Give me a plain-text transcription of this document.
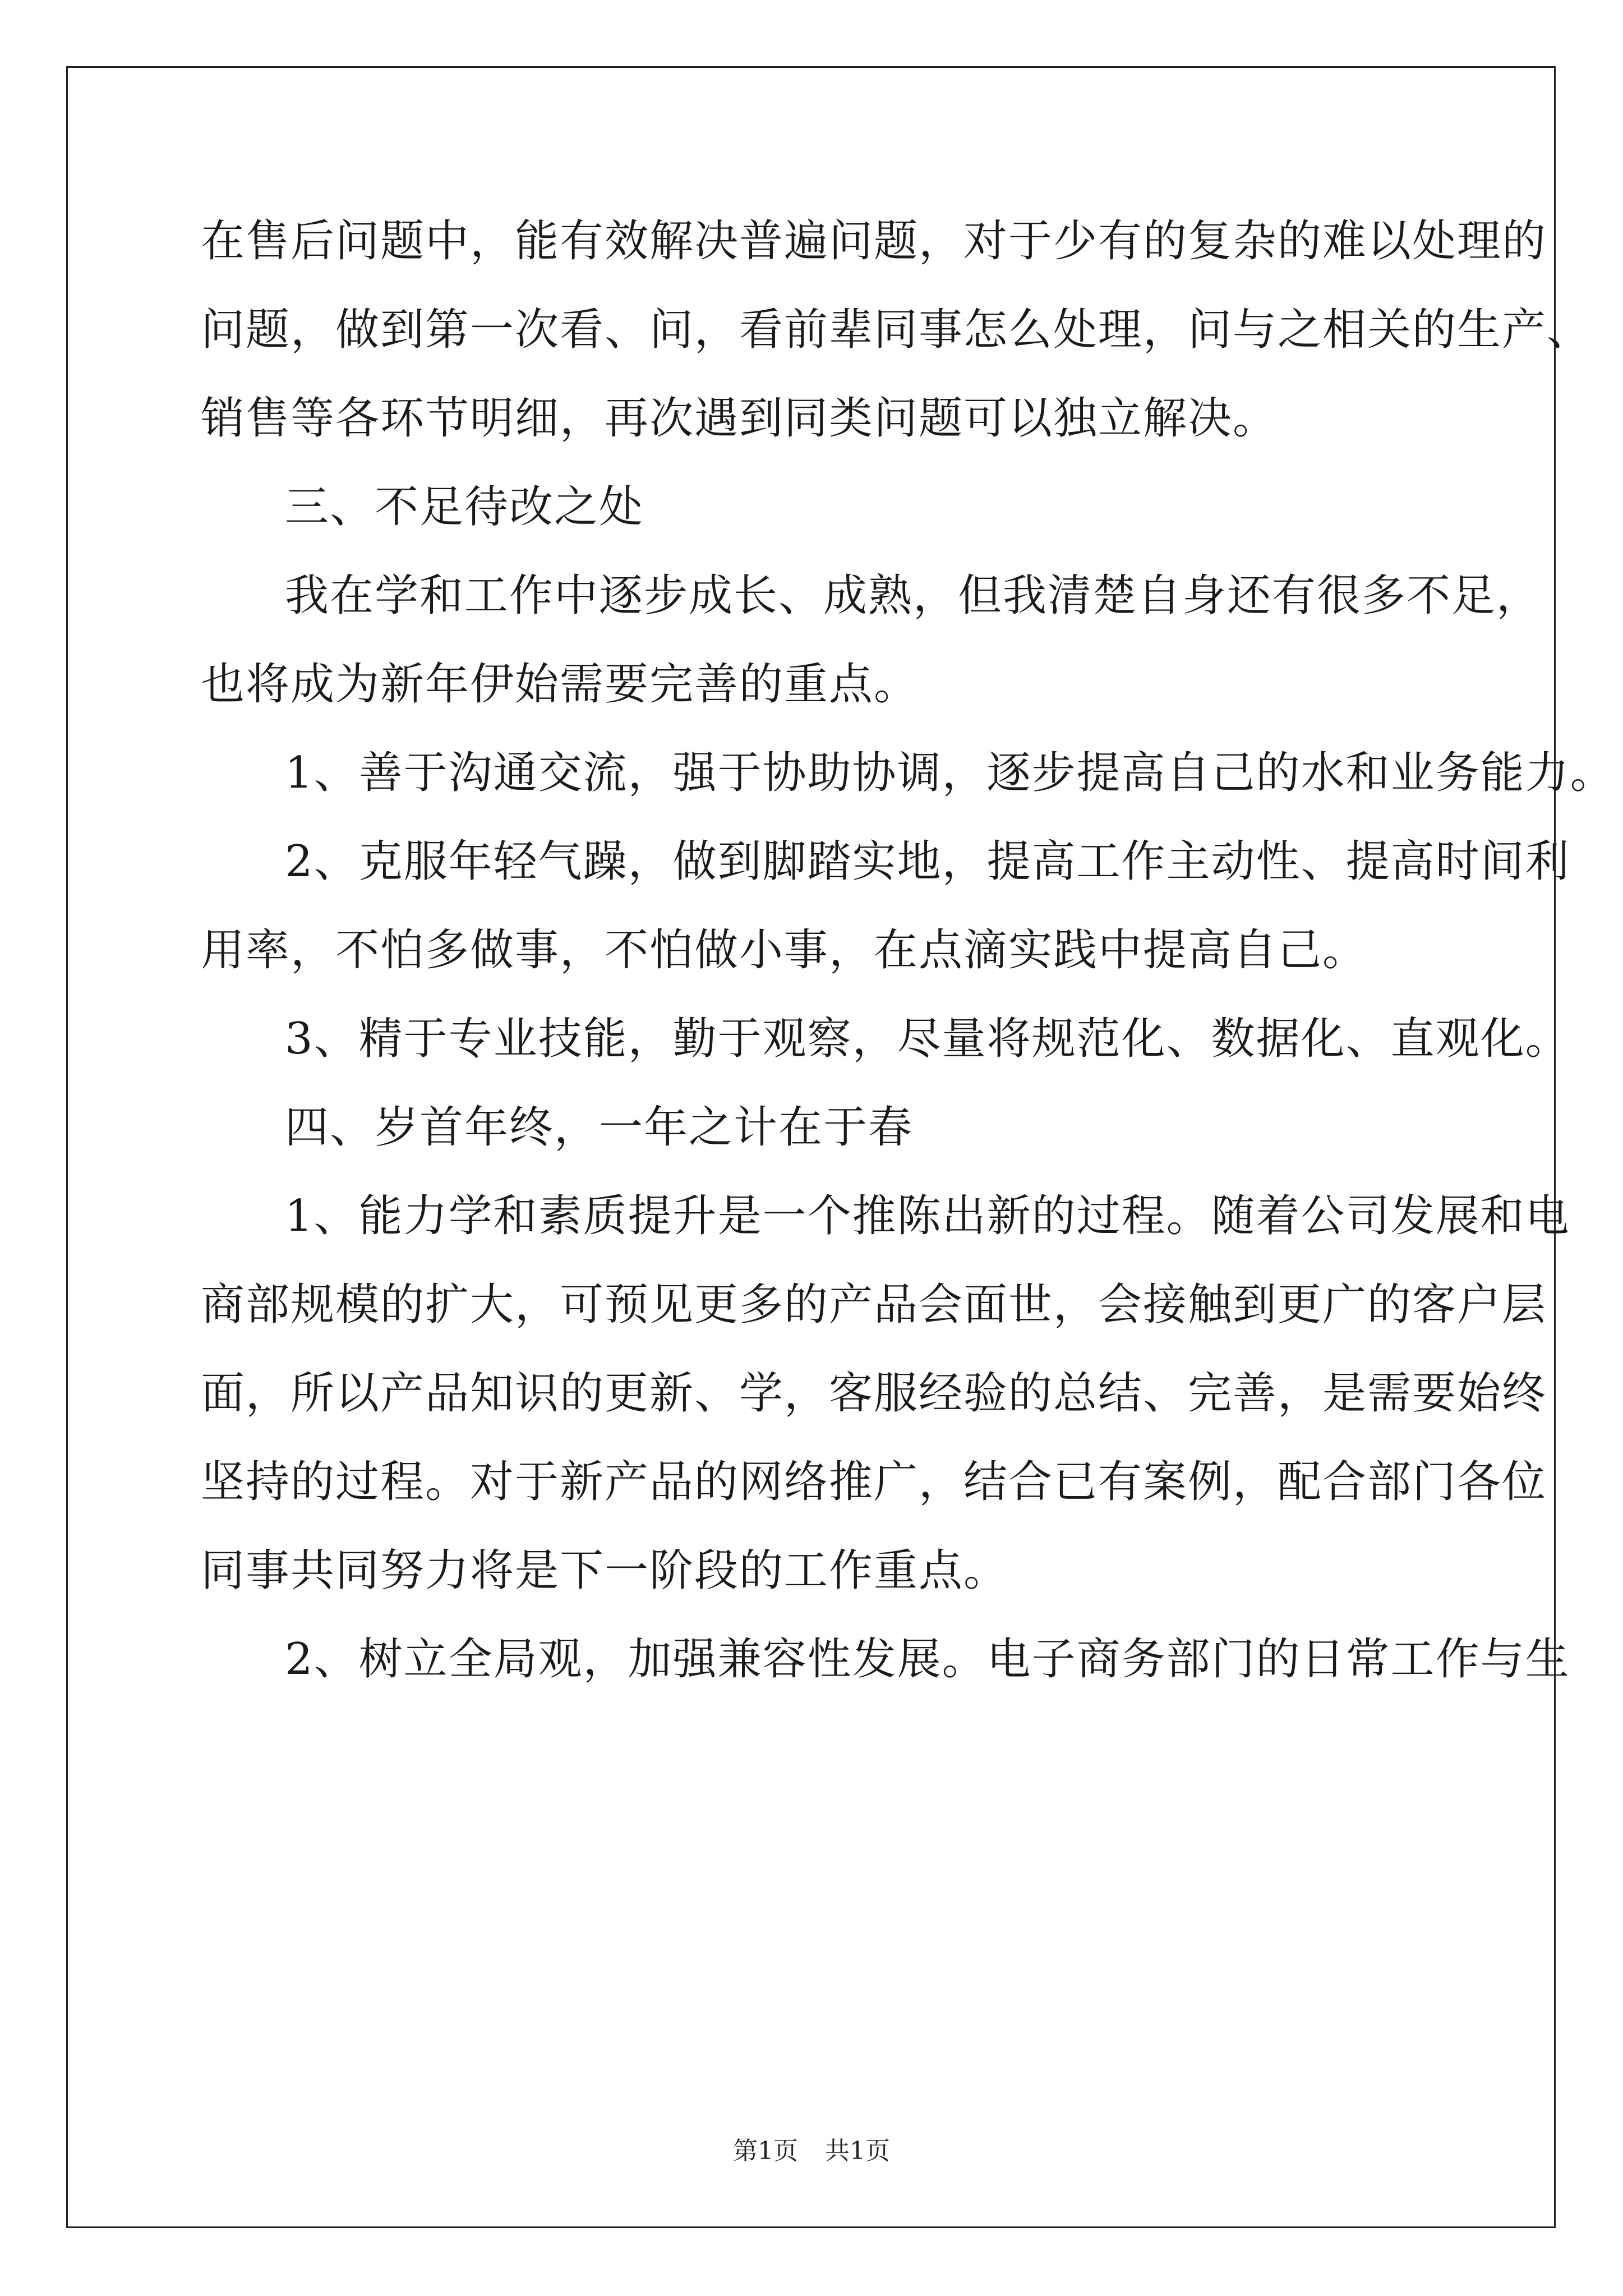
在售后问题中，能有效解决普遍问题，对于少有的复杂的难以处理的
问题，做到第一次看、问，看前辈同事怎么处理，问与之相关的生产、
销售等各环节明细，再次遇到同类问题可以独立解决。
三、不足待改之处
我在学和工作中逐步成长、成熟，但我清楚自身还有很多不足，
也将成为新年伊始需要完善的重点。
1、善于沟通交流，强于协助协调，逐步提高自己的水和业务能力。
2、克服年轻气躁，做到脚踏实地，提高工作主动性、提高时间利
用率，不怕多做事，不怕做小事，在点滴实践中提高自己。
3、精于专业技能，勤于观察，尽量将规范化、数据化、直观化。
四、岁首年终，一年之计在于春
1、能力学和素质提升是一个推陈出新的过程。随着公司发展和电
商部规模的扩大，可预见更多的产品会面世，会接触到更广的客户层
面，所以产品知识的更新、学，客服经验的总结、完善，是需要始终
坚持的过程。对于新产品的网络推广，结合已有案例，配合部门各位
同事共同努力将是下一阶段的工作重点。
2、树立全局观，加强兼容性发展。电子商务部门的日常工作与生
第1页 共1页
